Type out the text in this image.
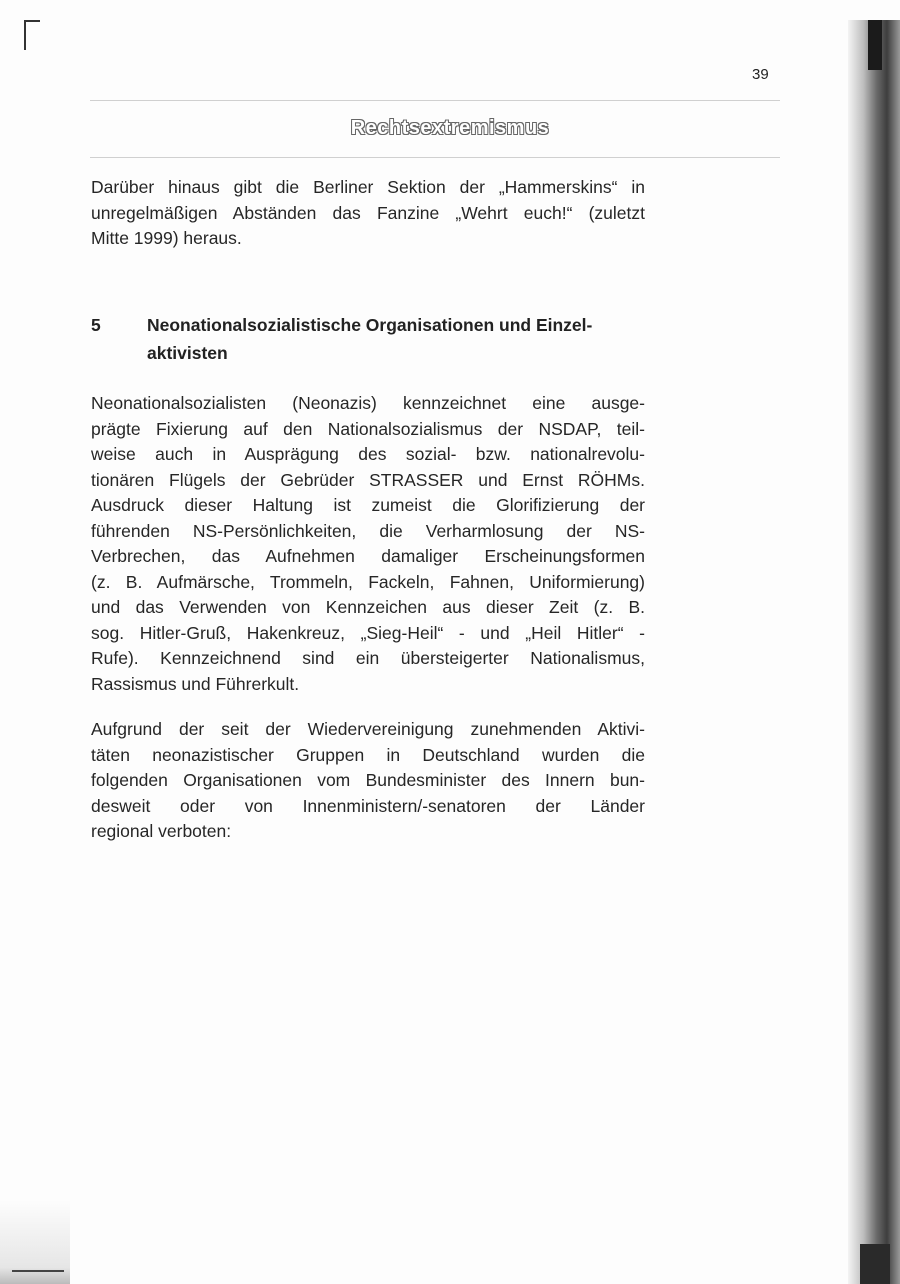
39
Rechtsextremismus

Darüber hinaus gibt die Berliner Sektion der „Hammerskins“ in
unregelmäßigen Abständen das Fanzine „Wehrt euch!“ (zuletzt
Mitte 1999) heraus.

5	Neonationalsozialistische Organisationen und Einzel-
aktivisten

Neonationalsozialisten (Neonazis) kennzeichnet eine ausge-
prägte Fixierung auf den Nationalsozialismus der NSDAP, teil-
weise auch in Ausprägung des sozial- bzw. nationalrevolu-
tionären Flügels der Gebrüder STRASSER und Ernst RÖHMs.
Ausdruck dieser Haltung ist zumeist die Glorifizierung der
führenden NS-Persönlichkeiten, die Verharmlosung der NS-
Verbrechen, das Aufnehmen damaliger Erscheinungsformen
(z. B. Aufmärsche, Trommeln, Fackeln, Fahnen, Uniformierung)
und das Verwenden von Kennzeichen aus dieser Zeit (z. B.
sog. Hitler-Gruß, Hakenkreuz, „Sieg-Heil“ - und „Heil Hitler“ -
Rufe). Kennzeichnend sind ein übersteigerter Nationalismus,
Rassismus und Führerkult.

Aufgrund der seit der Wiedervereinigung zunehmenden Aktivi-
täten neonazistischer Gruppen in Deutschland wurden die
folgenden Organisationen vom Bundesminister des Innern bun-
desweit oder von Innenministern/-senatoren der Länder
regional verboten:
